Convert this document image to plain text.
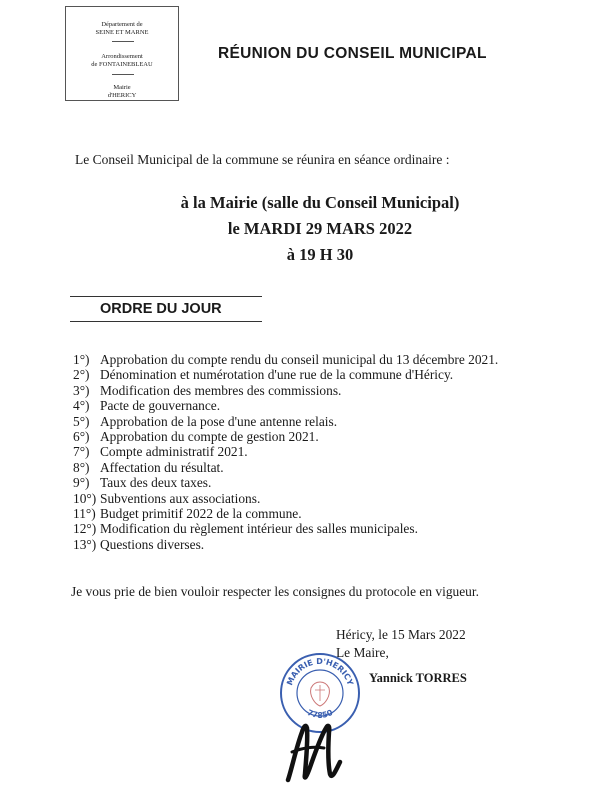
Département de
SEINE ET MARNE
Arrondissement
de FONTAINEBLEAU
Mairie
d'HERICY
RÉUNION DU CONSEIL MUNICIPAL
Le Conseil Municipal de la commune se réunira en séance ordinaire :
à la Mairie (salle du Conseil Municipal)
le MARDI 29 MARS 2022
à 19 H 30
ORDRE DU JOUR
1°) Approbation du compte rendu du conseil municipal du 13 décembre 2021.
2°) Dénomination et numérotation d'une rue de la commune d'Héricy.
3°) Modification des membres des commissions.
4°) Pacte de gouvernance.
5°) Approbation de la pose d'une antenne relais.
6°) Approbation du compte de gestion 2021.
7°) Compte administratif 2021.
8°) Affectation du résultat.
9°) Taux des deux taxes.
10°) Subventions aux associations.
11°) Budget primitif 2022 de la commune.
12°) Modification du règlement intérieur des salles municipales.
13°) Questions diverses.
Je vous prie de bien vouloir respecter les consignes du protocole en vigueur.
Héricy, le 15 Mars 2022
Le Maire,
MAIRIE D'HERICY
77850
Yannick TORRES
